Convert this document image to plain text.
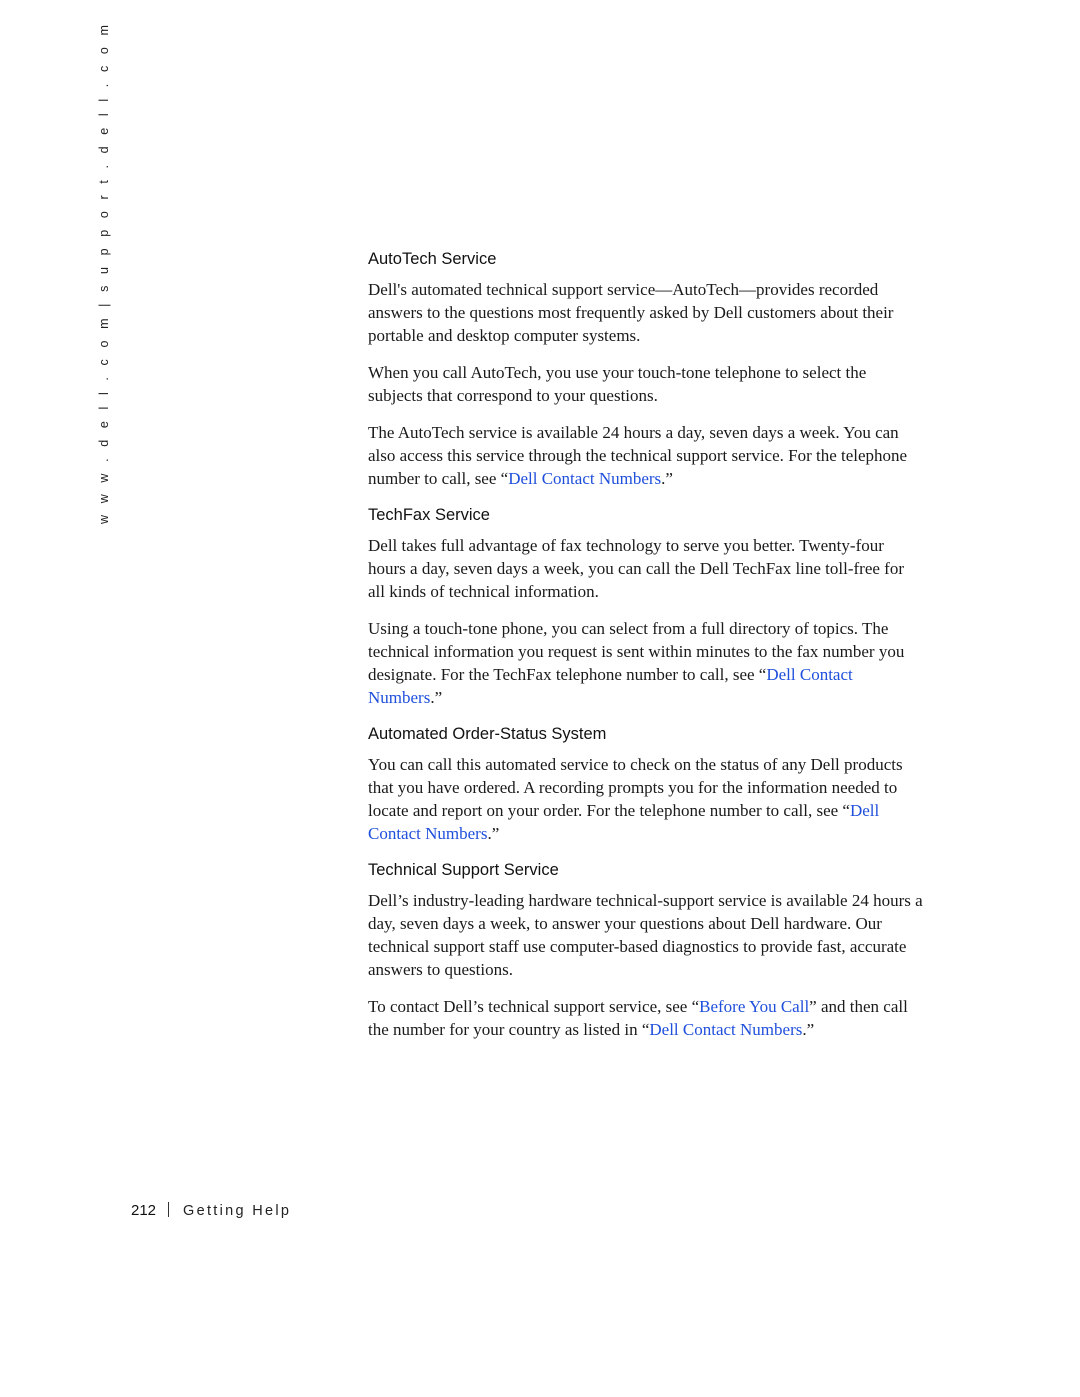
w w w . d e l l . c o m | s u p p o r t . d e l l . c o m	AutoTech Service

Dell's automated technical support service—AutoTech—provides recorded answers to the questions most frequently asked by Dell customers about their portable and desktop computer systems.

When you call AutoTech, you use your touch-tone telephone to select the subjects that correspond to your questions.

The AutoTech service is available 24 hours a day, seven days a week. You can also access this service through the technical support service. For the telephone number to call, see “Dell Contact Numbers.”

TechFax Service

Dell takes full advantage of fax technology to serve you better. Twenty-four hours a day, seven days a week, you can call the Dell TechFax line toll-free for all kinds of technical information.

Using a touch-tone phone, you can select from a full directory of topics. The technical information you request is sent within minutes to the fax number you designate. For the TechFax telephone number to call, see “Dell Contact Numbers.”

Automated Order-Status System

You can call this automated service to check on the status of any Dell products that you have ordered. A recording prompts you for the information needed to locate and report on your order. For the telephone number to call, see “Dell Contact Numbers.”

Technical Support Service

Dell’s industry-leading hardware technical-support service is available 24 hours a day, seven days a week, to answer your questions about Dell hardware. Our technical support staff use computer-based diagnostics to provide fast, accurate answers to questions.

To contact Dell’s technical support service, see “Before You Call” and then call the number for your country as listed in “Dell Contact Numbers.”

212 Getting Help
